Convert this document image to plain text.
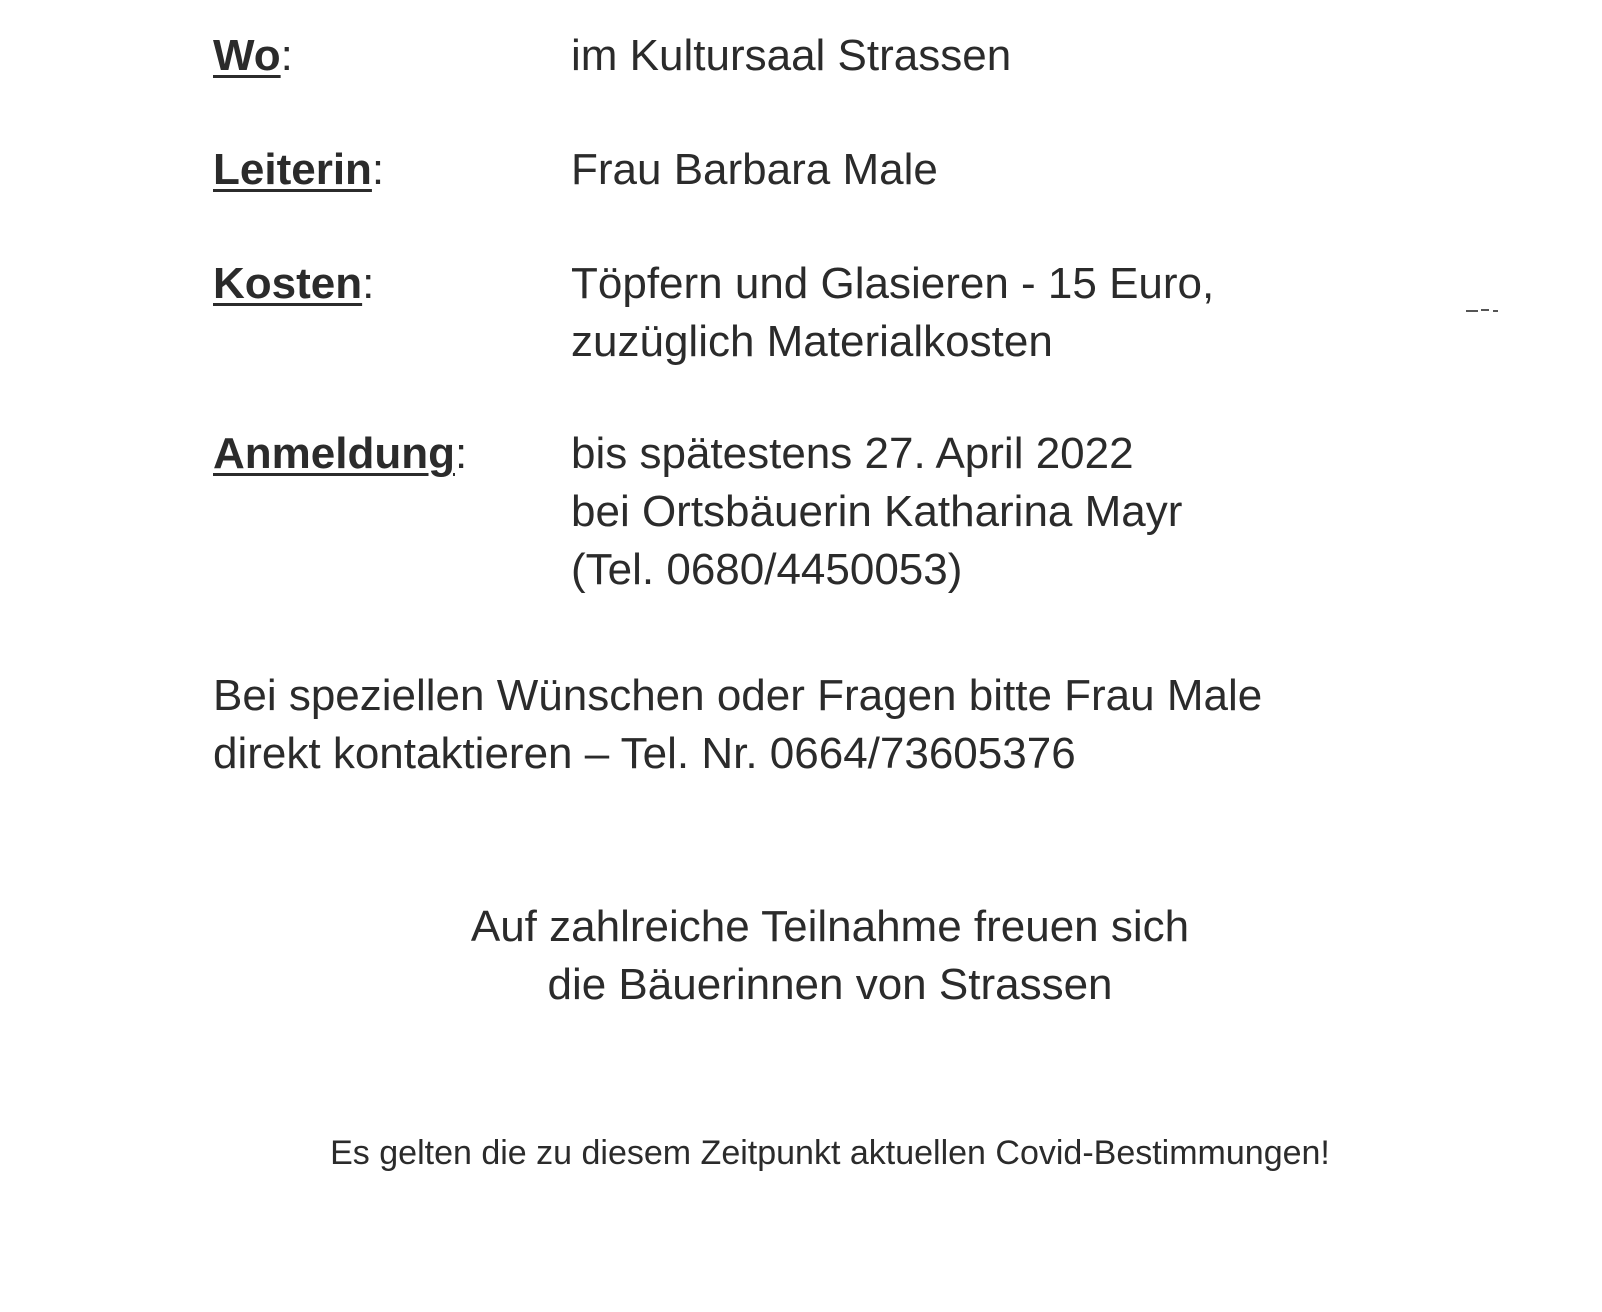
Wo:	im Kultursaal Strassen
Leiterin:	Frau Barbara Male
Kosten:	Töpfern und Glasieren - 15 Euro,
zuzüglich Materialkosten
Anmeldung: bis spätestens 27. April 2022
bei Ortsbäuerin Katharina Mayr
(Tel. 0680/4450053)
Bei speziellen Wünschen oder Fragen bitte Frau Male
direkt kontaktieren – Tel. Nr. 0664/73605376
Auf zahlreiche Teilnahme freuen sich
die Bäuerinnen von Strassen
Es gelten die zu diesem Zeitpunkt aktuellen Covid-Bestimmungen!
